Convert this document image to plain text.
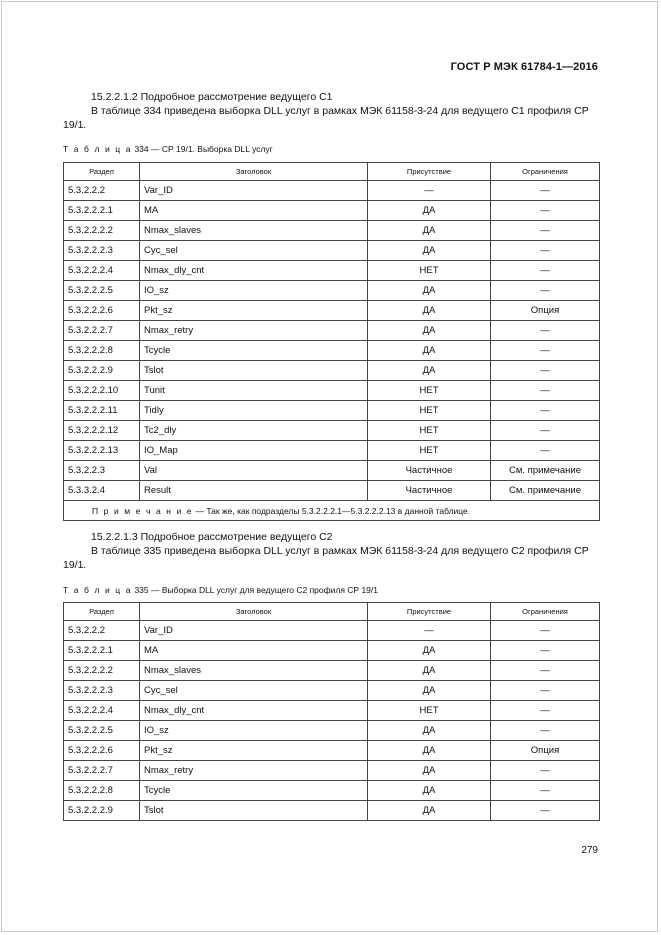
ГОСТ Р МЭК 61784-1—2016
15.2.2.1.2 Подробное рассмотрение ведущего С1
В таблице 334 приведена выборка DLL услуг в рамках МЭК 61158-3-24 для ведущего С1 профиля СР 19/1.
Т а б л и ц а 334 — СР 19/1. Выборка DLL услуг
Раздел	Заголовок	Присутствие	Ограничения
5.3.2.2.2	Var_ID	—	—
5.3.2.2.2.1	MA	ДА	—
5.3.2.2.2.2	Nmax_slaves	ДА	—
5.3.2.2.2.3	Cyc_sel	ДА	—
5.3.2.2.2.4	Nmax_dly_cnt	НЕТ	—
5.3.2.2.2.5	IO_sz	ДА	—
5.3.2.2.2.6	Pkt_sz	ДА	Опция
5.3.2.2.2.7	Nmax_retry	ДА	—
5.3.2.2.2.8	Tcycle	ДА	—
5.3.2.2.2.9	Tslot	ДА	—
5.3.2.2.2.10	Tunit	НЕТ	—
5.3.2.2.2.11	Tidly	НЕТ	—
5.3.2.2.2.12	Tc2_dly	НЕТ	—
5.3.2.2.2.13	IO_Map	НЕТ	—
5.3.2.2.3	Val	Частичное	См. примечание
5.3.3.2.4	Result	Частичное	См. примечание
П р и м е ч а н и е — Так же, как подразделы 5.3.2.2.2.1—5.3.2.2.2.13 в данной таблице.			
15.2.2.1.3 Подробное рассмотрение ведущего С2
В таблице 335 приведена выборка DLL услуг в рамках МЭК 61158-3-24 для ведущего С2 профиля СР 19/1.
Т а б л и ц а 335 — Выборка DLL услуг для ведущего С2 профиля СР 19/1
Раздел	Заголовок	Присутствие	Ограничения
5.3.2.2.2	Var_ID	—	—
5.3.2.2.2.1	MA	ДА	—
5.3.2.2.2.2	Nmax_slaves	ДА	—
5.3.2.2.2.3	Cyc_sel	ДА	—
5.3.2.2.2.4	Nmax_dly_cnt	НЕТ	—
5.3.2.2.2.5	IO_sz	ДА	—
5.3.2.2.2.6	Pkt_sz	ДА	Опция
5.3.2.2.2.7	Nmax_retry	ДА	—
5.3.2.2.2.8	Tcycle	ДА	—
5.3.2.2.2.9	Tslot	ДА	—
279
